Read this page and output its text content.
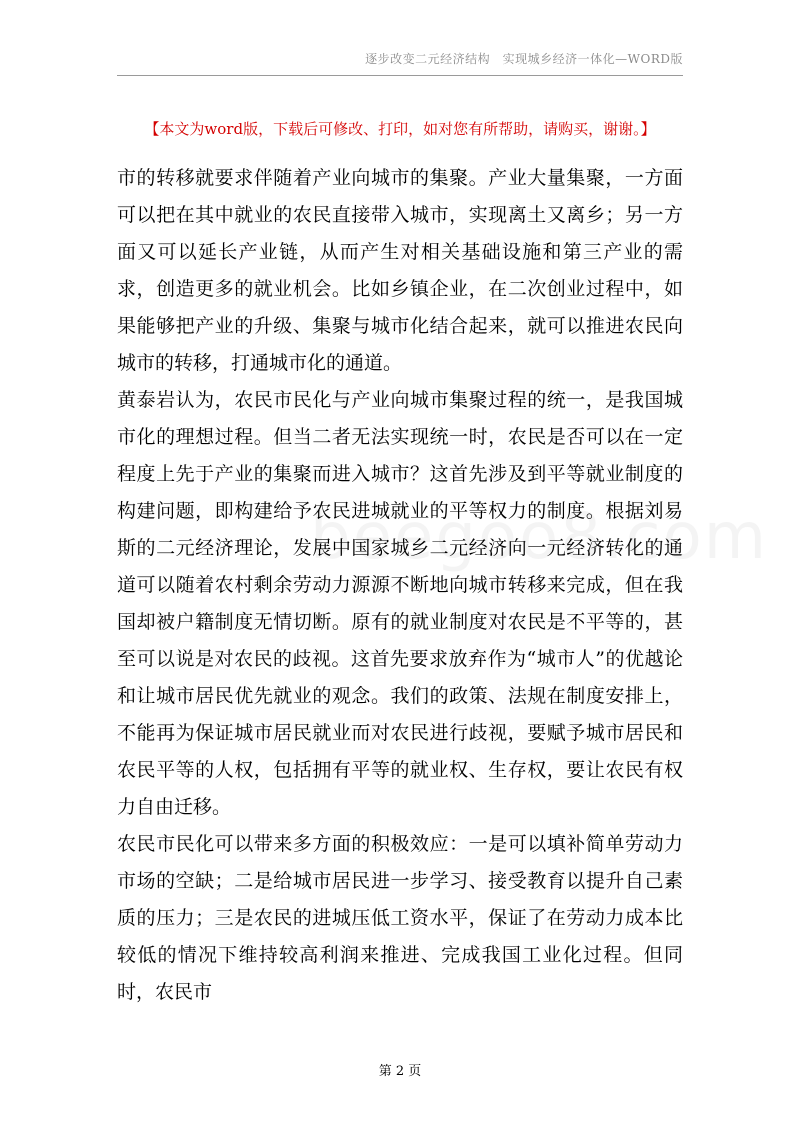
逐步改变二元经济结构　实现城乡经济一体化—WORD版
【本文为word版，下载后可修改、打印，如对您有所帮助，请购买，谢谢。】

市的转移就要求伴随着产业向城市的集聚。产业大量集聚，一方面可以把在其中就业的农民直接带入城市，实现离土又离乡；另一方面又可以延长产业链，从而产生对相关基础设施和第三产业的需求，创造更多的就业机会。比如乡镇企业，在二次创业过程中，如果能够把产业的升级、集聚与城市化结合起来，就可以推进农民向城市的转移，打通城市化的通道。

黄泰岩认为，农民市民化与产业向城市集聚过程的统一，是我国城市化的理想过程。但当二者无法实现统一时，农民是否可以在一定程度上先于产业的集聚而进入城市？这首先涉及到平等就业制度的构建问题，即构建给予农民进城就业的平等权力的制度。根据刘易斯的二元经济理论，发展中国家城乡二元经济向一元经济转化的通道可以随着农村剩余劳动力源源不断地向城市转移来完成，但在我国却被户籍制度无情切断。原有的就业制度对农民是不平等的，甚至可以说是对农民的歧视。这首先要求放弃作为“城市人”的优越论和让城市居民优先就业的观念。我们的政策、法规在制度安排上，不能再为保证城市居民就业而对农民进行歧视，要赋予城市居民和农民平等的人权，包括拥有平等的就业权、生存权，要让农民有权力自由迁移。

农民市民化可以带来多方面的积极效应：一是可以填补简单劳动力市场的空缺；二是给城市居民进一步学习、接受教育以提升自己素质的压力；三是农民的进城压低工资水平，保证了在劳动力成本比较低的情况下维持较高利润来推进、完成我国工业化过程。但同时，农民市

第 2 页
